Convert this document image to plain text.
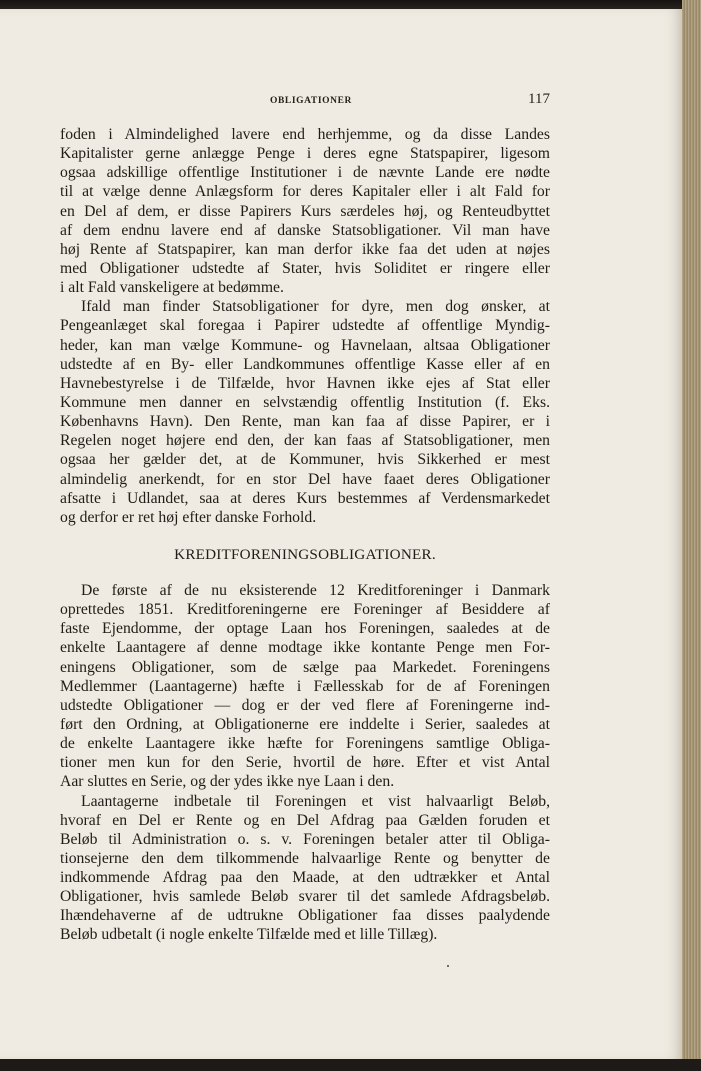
OBLIGATIONER	117
foden i Almindelighed lavere end herhjemme, og da disse Landes
Kapitalister gerne anlægge Penge i deres egne Statspapirer, ligesom
ogsaa adskillige offentlige Institutioner i de nævnte Lande ere nødte
til at vælge denne Anlægsform for deres Kapitaler eller i alt Fald for
en Del af dem, er disse Papirers Kurs særdeles høj, og Renteudbyttet
af dem endnu lavere end af danske Statsobligationer. Vil man have
høj Rente af Statspapirer, kan man derfor ikke faa det uden at nøjes
med Obligationer udstedte af Stater, hvis Soliditet er ringere eller
i alt Fald vanskeligere at bedømme.
Ifald man finder Statsobligationer for dyre, men dog ønsker, at
Pengeanlæget skal foregaa i Papirer udstedte af offentlige Myndig-
heder, kan man vælge Kommune- og Havnelaan, altsaa Obligationer
udstedte af en By- eller Landkommunes offentlige Kasse eller af en
Havnebestyrelse i de Tilfælde, hvor Havnen ikke ejes af Stat eller
Kommune men danner en selvstændig offentlig Institution (f. Eks.
Københavns Havn). Den Rente, man kan faa af disse Papirer, er i
Regelen noget højere end den, der kan faas af Statsobligationer, men
ogsaa her gælder det, at de Kommuner, hvis Sikkerhed er mest
almindelig anerkendt, for en stor Del have faaet deres Obligationer
afsatte i Udlandet, saa at deres Kurs bestemmes af Verdensmarkedet
og derfor er ret høj efter danske Forhold.
KREDITFORENINGSOBLIGATIONER.
De første af de nu eksisterende 12 Kreditforeninger i Danmark
oprettedes 1851. Kreditforeningerne ere Foreninger af Besiddere af
faste Ejendomme, der optage Laan hos Foreningen, saaledes at de
enkelte Laantagere af denne modtage ikke kontante Penge men For-
eningens Obligationer, som de sælge paa Markedet. Foreningens
Medlemmer (Laantagerne) hæfte i Fællesskab for de af Foreningen
udstedte Obligationer — dog er der ved flere af Foreningerne ind-
ført den Ordning, at Obligationerne ere inddelte i Serier, saaledes at
de enkelte Laantagere ikke hæfte for Foreningens samtlige Obliga-
tioner men kun for den Serie, hvortil de høre. Efter et vist Antal
Aar sluttes en Serie, og der ydes ikke nye Laan i den.
Laantagerne indbetale til Foreningen et vist halvaarligt Beløb,
hvoraf en Del er Rente og en Del Afdrag paa Gælden foruden et
Beløb til Administration o. s. v. Foreningen betaler atter til Obliga-
tionsejerne den dem tilkommende halvaarlige Rente og benytter de
indkommende Afdrag paa den Maade, at den udtrækker et Antal
Obligationer, hvis samlede Beløb svarer til det samlede Afdragsbeløb.
Ihændehaverne af de udtrukne Obligationer faa disses paalydende
Beløb udbetalt (i nogle enkelte Tilfælde med et lille Tillæg).
